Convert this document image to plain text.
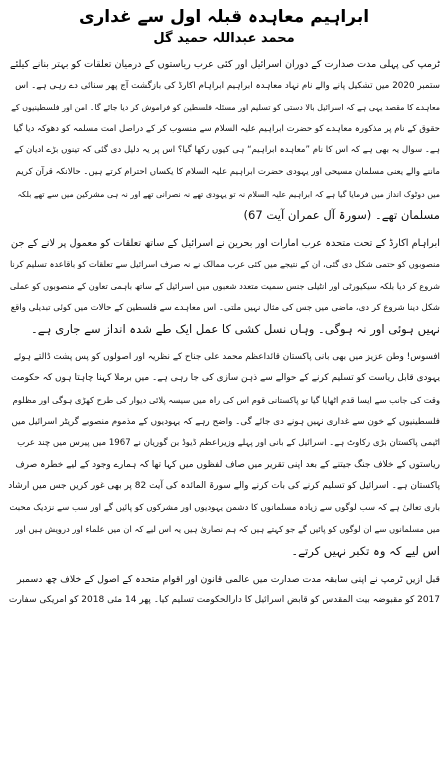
ابراہیم معاہدہ قبلہ اول سے غداری
محمد عبداللہ حمید گل
ٹرمپ کی پہلی مدت صدارت کے دوران اسرائیل اور کئی عرب ریاستوں کے درمیان تعلقات کو بہتر بنانے کیلئے
ستمبر 2020 میں تشکیل پانے والے نام نہاد معاہدہ ابراہیم ابراہام اکارڈ کی بازگشت آج پھر سنائی دے رہی ہے۔ اس
معاہدے کا مقصد یہی ہے کہ اسرائیل بالا دستی کو تسلیم اور مسئلہ فلسطین کو فراموش کر دیا جائے گا۔ امن اور فلسطینیوں کے
حقوق کے نام پر مذکورہ معاہدے کو حضرت ابراہیم علیہ السلام سے منسوب کر کے دراصل امت مسلمہ کو دھوکہ دیا گیا
ہے۔ سوال یہ بھی ہے کہ اس کا نام ”معاہدہ ابراہیم“ ہی کیوں رکھا گیا؟ اس پر یہ دلیل دی گئی کہ تینوں بڑے ادیان کے
ماننے والے یعنی مسلمان مسیحی اور یہودی حضرت ابراہیم علیہ السلام کا یکساں احترام کرتے ہیں۔ حالانکہ قرآن کریم
میں دوٹوک انداز میں فرمایا گیا ہے کہ ابراہیم علیہ السلام نہ تو یہودی تھے نہ نصرانی تھے اور نہ ہی مشرکین میں سے تھے بلکہ
مسلمان تھے۔ (سورۃ آل عمران آیت 67)
ابراہام اکارڈ کے تحت متحدہ عرب امارات اور بحرین نے اسرائیل کے ساتھ تعلقات کو معمول پر لانے کے جن
منصوبوں کو حتمی شکل دی گئی، ان کے نتیجے میں کئی عرب ممالک نے نہ صرف اسرائیل سے تعلقات کو باقاعدہ تسلیم کرنا
شروع کر دیا بلکہ سیکیورٹی اور انٹیلی جنس سمیت متعدد شعبوں میں اسرائیل کے ساتھ باہمی تعاون کے منصوبوں کو عملی
شکل دینا شروع کر دی، ماضی میں جس کی مثال نہیں ملتی۔ اس معاہدے سے فلسطین کے حالات میں کوئی تبدیلی واقع
نہیں ہوئی اور نہ ہوگی۔ وہاں نسل کشی کا عمل ایک طے شدہ انداز سے جاری ہے۔
افسوس! وطن عزیز میں بھی بانی پاکستان قائداعظم محمد علی جناح کے نظریہ اور اصولوں کو پس پشت ڈالتے ہوئے
یہودی قابل ریاست کو تسلیم کرنے کے حوالے سے ذہن سازی کی جا رہی ہے۔ میں برملا کہنا چاہتا ہوں کہ حکومت
وقت کی جانب سے ایسا قدم اٹھایا گیا تو پاکستانی قوم اس کی راہ میں سیسہ پلائی دیوار کی طرح کھڑی ہوگی اور مظلوم
فلسطینیوں کے خون سے غداری نہیں ہونے دی جائے گی۔ واضح رہے کہ یہودیوں کے مذموم منصوبے گریٹر اسرائیل میں
اٹیمی پاکستان بڑی رکاوٹ ہے۔ اسرائیل کے بانی اور پہلے وزیراعظم ڈیوڈ بن گوریان نے 1967 میں پیرس میں چند عرب
ریاستوں کے خلاف جنگ جیتنے کے بعد اپنی تقریر میں صاف لفظوں میں کہا تھا کہ ہمارے وجود کے لیے خطرہ صرف
پاکستان ہے۔ اسرائیل کو تسلیم کرنے کی بات کرنے والے سورۃ المائدہ کی آیت 82 پر بھی غور کریں جس میں ارشاد
باری تعالیٰ ہے کہ سب لوگوں سے زیادہ مسلمانوں کا دشمن یہودیوں اور مشرکوں کو پائیں گے اور سب سے نزدیک محبت
میں مسلمانوں سے ان لوگوں کو پائیں گے جو کہتے ہیں کہ ہم نصاریٰ ہیں یہ اس لیے کہ ان میں علماء اور درویش ہیں اور
اس لیے کہ وہ تکبر نہیں کرتے۔
قبل ازیں ٹرمپ نے اپنی سابقہ مدت صدارت میں عالمی قانون اور اقوام متحدہ کے اصول کے خلاف چھ دسمبر
2017 کو مقبوضہ بیت المقدس کو قابض اسرائیل کا دارالحکومت تسلیم کیا۔ پھر 14 مئی 2018 کو امریکی سفارت
